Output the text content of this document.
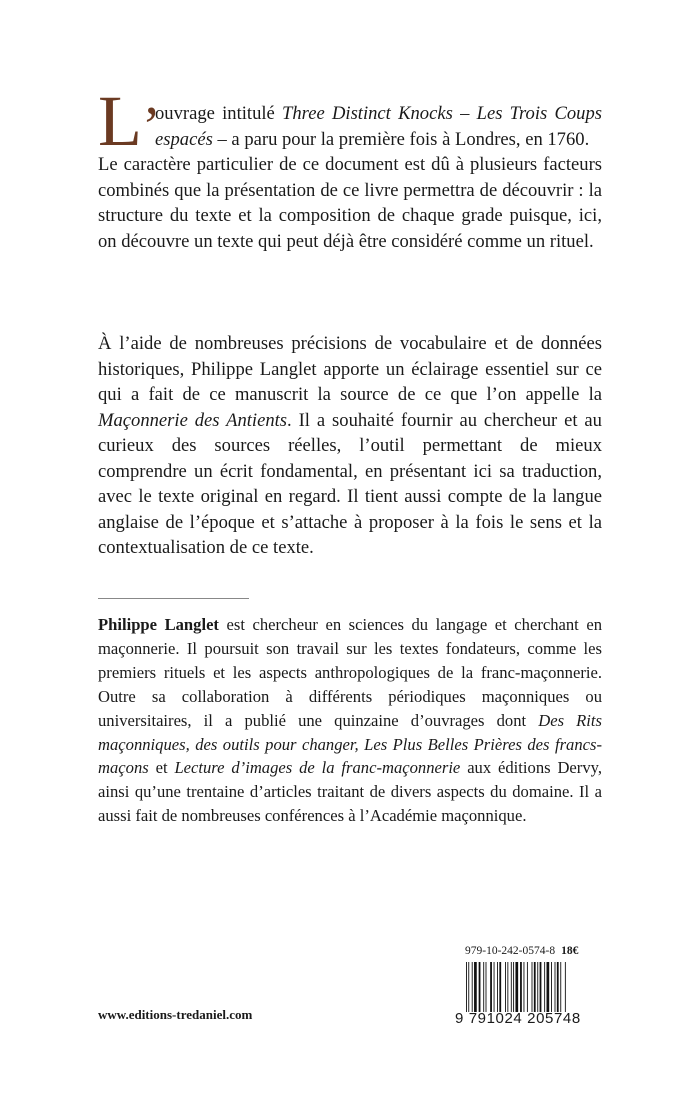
L’

ouvrage intitulé Three Distinct Knocks – Les Trois Coups espacés – a paru pour la première fois à Londres, en 1760.

Le caractère particulier de ce document est dû à plusieurs facteurs combinés que la présentation de ce livre permettra de découvrir : la structure du texte et la composition de chaque grade puisque, ici, on découvre un texte qui peut déjà être considéré comme un rituel.

À l’aide de nombreuses précisions de vocabulaire et de données historiques, Philippe Langlet apporte un éclairage essentiel sur ce qui a fait de ce manuscrit la source de ce que l’on appelle la Maçonnerie des Antients. Il a souhaité fournir au chercheur et au curieux des sources réelles, l’outil permettant de mieux comprendre un écrit fondamental, en présentant ici sa traduction, avec le texte original en regard. Il tient aussi compte de la langue anglaise de l’époque et s’attache à proposer à la fois le sens et la contextualisation de ce texte.

Philippe Langlet est chercheur en sciences du langage et cherchant en maçonnerie. Il poursuit son travail sur les textes fondateurs, comme les premiers rituels et les aspects anthropologiques de la franc-maçonnerie. Outre sa collaboration à différents périodiques maçonniques ou universitaires, il a publié une quinzaine d’ouvrages dont Des Rits maçonniques, des outils pour changer, Les Plus Belles Prières des francs-maçons et Lecture d’images de la franc-maçonnerie aux éditions Dervy, ainsi qu’une trentaine d’articles traitant de divers aspects du domaine. Il a aussi fait de nombreuses conférences à l’Académie maçonnique.

979-10-242-0574-8 18€
9 791024 205748
www.editions-tredaniel.com
